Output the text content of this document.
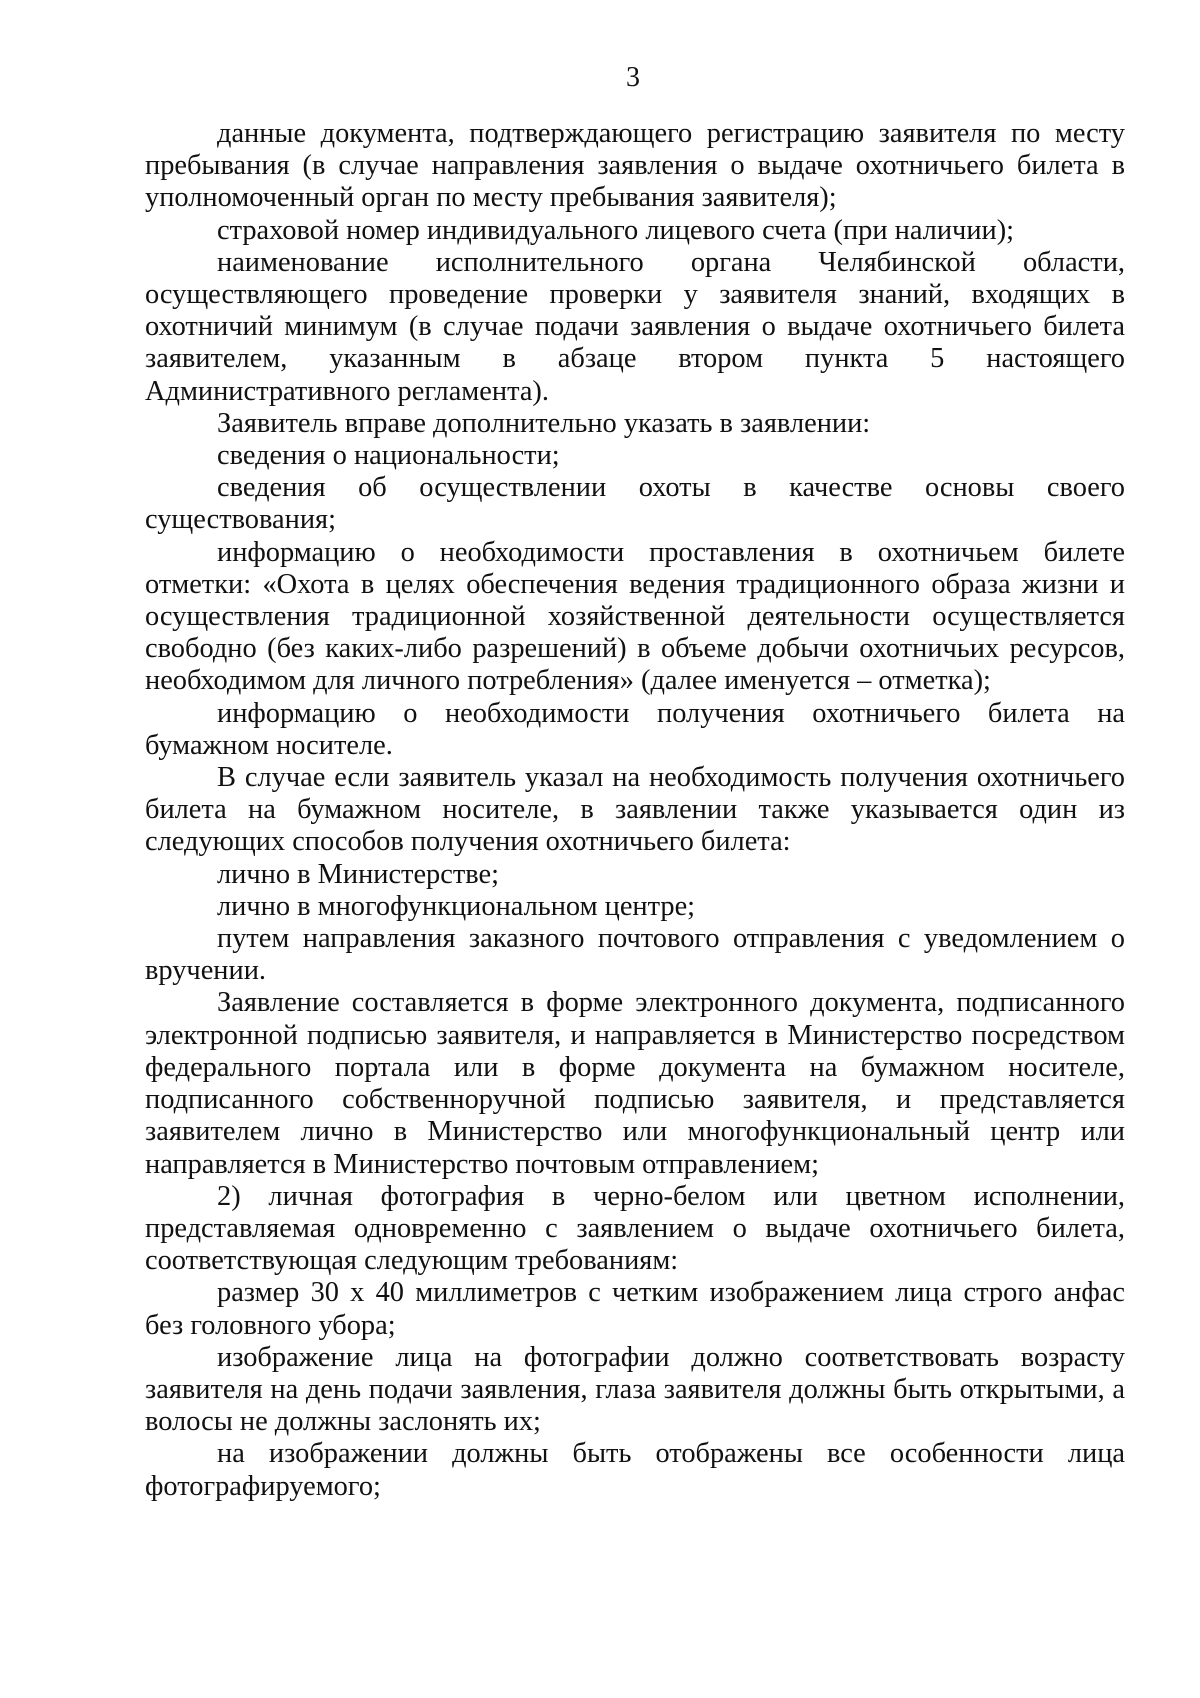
3

данные документа, подтверждающего регистрацию заявителя по месту пребывания (в случае направления заявления о выдаче охотничьего билета в уполномоченный орган по месту пребывания заявителя);

страховой номер индивидуального лицевого счета (при наличии);

наименование исполнительного органа Челябинской области, осуществляющего проведение проверки у заявителя знаний, входящих в охотничий минимум (в случае подачи заявления о выдаче охотничьего билета заявителем, указанным в абзаце втором пункта 5 настоящего Административного регламента).

Заявитель вправе дополнительно указать в заявлении:

сведения о национальности;

сведения об осуществлении охоты в качестве основы своего существования;

информацию о необходимости проставления в охотничьем билете отметки: «Охота в целях обеспечения ведения традиционного образа жизни и осуществления традиционной хозяйственной деятельности осуществляется свободно (без каких-либо разрешений) в объеме добычи охотничьих ресурсов, необходимом для личного потребления» (далее именуется – отметка);

информацию о необходимости получения охотничьего билета на бумажном носителе.

В случае если заявитель указал на необходимость получения охотничьего билета на бумажном носителе, в заявлении также указывается один из следующих способов получения охотничьего билета:

лично в Министерстве;

лично в многофункциональном центре;

путем направления заказного почтового отправления с уведомлением о вручении.

Заявление составляется в форме электронного документа, подписанного электронной подписью заявителя, и направляется в Министерство посредством федерального портала или в форме документа на бумажном носителе, подписанного собственноручной подписью заявителя, и представляется заявителем лично в Министерство или многофункциональный центр или направляется в Министерство почтовым отправлением;

2) личная фотография в черно-белом или цветном исполнении, представляемая одновременно с заявлением о выдаче охотничьего билета, соответствующая следующим требованиям:

размер 30 х 40 миллиметров с четким изображением лица строго анфас без головного убора;

изображение лица на фотографии должно соответствовать возрасту заявителя на день подачи заявления, глаза заявителя должны быть открытыми, а волосы не должны заслонять их;

на изображении должны быть отображены все особенности лица фотографируемого;
